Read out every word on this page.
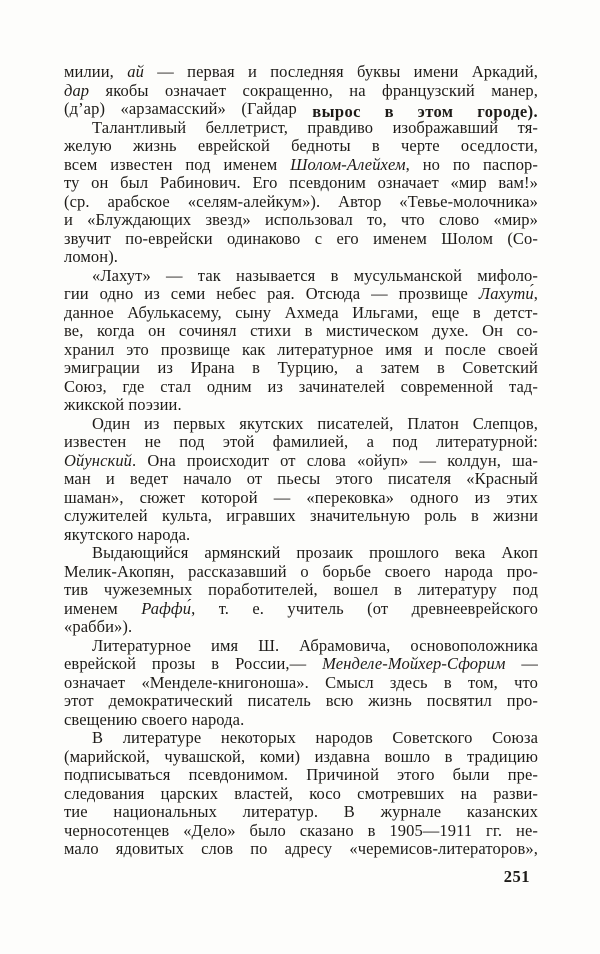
милии, ай — первая и последняя буквы имени Аркадий,
дар якобы означает сокращенно, на французский манер,
(д’ар) «арзамасский» (Гайдар вырос в этом городе).
Талантливый беллетрист, правдиво изображавший тя-
желую жизнь еврейской бедноты в черте оседлости,
всем известен под именем Шолом-Алейхем, но по паспор-
ту он был Рабинович. Его псевдоним означает «мир вам!»
(ср. арабское «селям-алейкум»). Автор «Тевье-молочника»
и «Блуждающих звезд» использовал то, что слово «мир»
звучит по-еврейски одинаково с его именем Шолом (Со-
ломон).
«Лахут» — так называется в мусульманской мифоло-
гии одно из семи небес рая. Отсюда — прозвище Лахути́,
данное Абулькасему, сыну Ахмеда Ильгами, еще в детст-
ве, когда он сочинял стихи в мистическом духе. Он со-
хранил это прозвище как литературное имя и после своей
эмиграции из Ирана в Турцию, а затем в Советский
Союз, где стал одним из зачинателей современной тад-
жикской поэзии.
Один из первых якутских писателей, Платон Слепцов,
известен не под этой фамилией, а под литературной:
Ойунский. Она происходит от слова «ойуп» — колдун, ша-
ман и ведет начало от пьесы этого писателя «Красный
шаман», сюжет которой — «перековка» одного из этих
служителей культа, игравших значительную роль в жизни
якутского народа.
Выдающийся армянский прозаик прошлого века Акоп
Мелик-Акопян, рассказавший о борьбе своего народа про-
тив чужеземных поработителей, вошел в литературу под
именем Раффи́, т. е. учитель (от древнееврейского
«рабби»).
Литературное имя Ш. Абрамовича, основоположника
еврейской прозы в России,— Менделе-Мойхер-Сфорим —
означает «Менделе-книгоноша». Смысл здесь в том, что
этот демократический писатель всю жизнь посвятил про-
свещению своего народа.
В литературе некоторых народов Советского Союза
(марийской, чувашской, коми) издавна вошло в традицию
подписываться псевдонимом. Причиной этого были пре-
следования царских властей, косо смотревших на разви-
тие национальных литератур. В журнале казанских
черносотенцев «Дело» было сказано в 1905—1911 гг. не-
мало ядовитых слов по адресу «черемисов-литераторов»,
251
